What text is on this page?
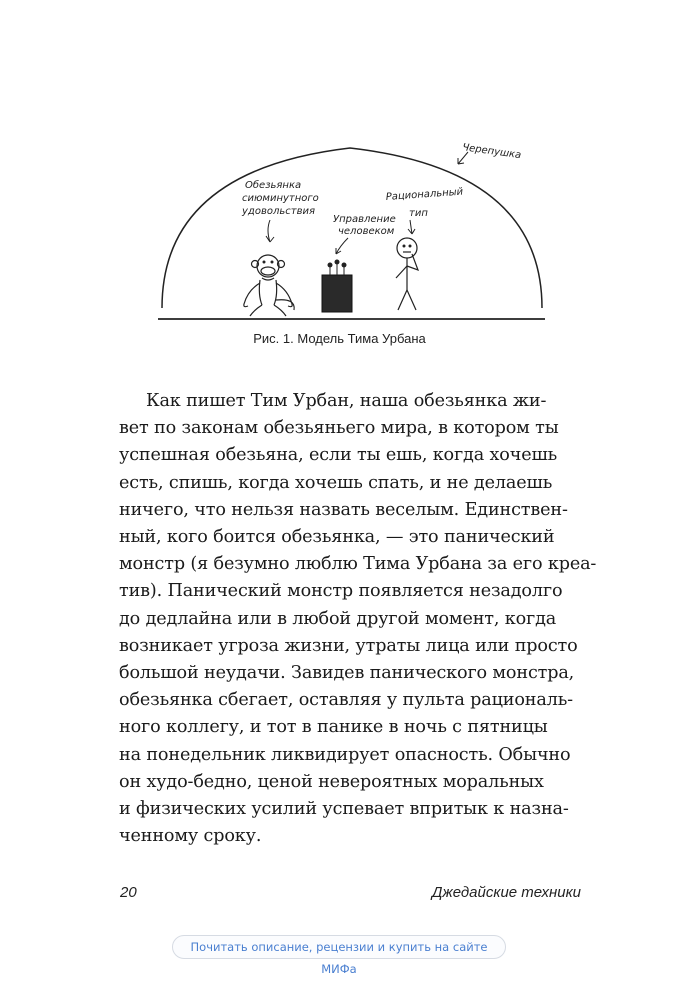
Черепушка
Обезьянка
сиюминутного
удовольствия
Управление
человеком
Рациональный
тип
Рис. 1. Модель Тима Урбана
Как пишет Тим Урбан, наша обезьянка жи-
вет по законам обезьяньего мира, в котором ты
успешная обезьяна, если ты ешь, когда хочешь
есть, спишь, когда хочешь спать, и не делаешь
ничего, что нельзя назвать веселым. Единствен-
ный, кого боится обезьянка, — это панический
монстр (я безумно люблю Тима Урбана за его креа-
тив). Панический монстр появляется незадолго
до дедлайна или в любой другой момент, когда
возникает угроза жизни, утраты лица или просто
большой неудачи. Завидев панического монстра,
обезьянка сбегает, оставляя у пульта рациональ-
ного коллегу, и тот в панике в ночь с пятницы
на понедельник ликвидирует опасность. Обычно
он худо-бедно, ценой невероятных моральных
и физических усилий успевает впритык к назна-
ченному сроку.
20	Джедайские техники
Почитать описание, рецензии и купить на сайте МИФа
